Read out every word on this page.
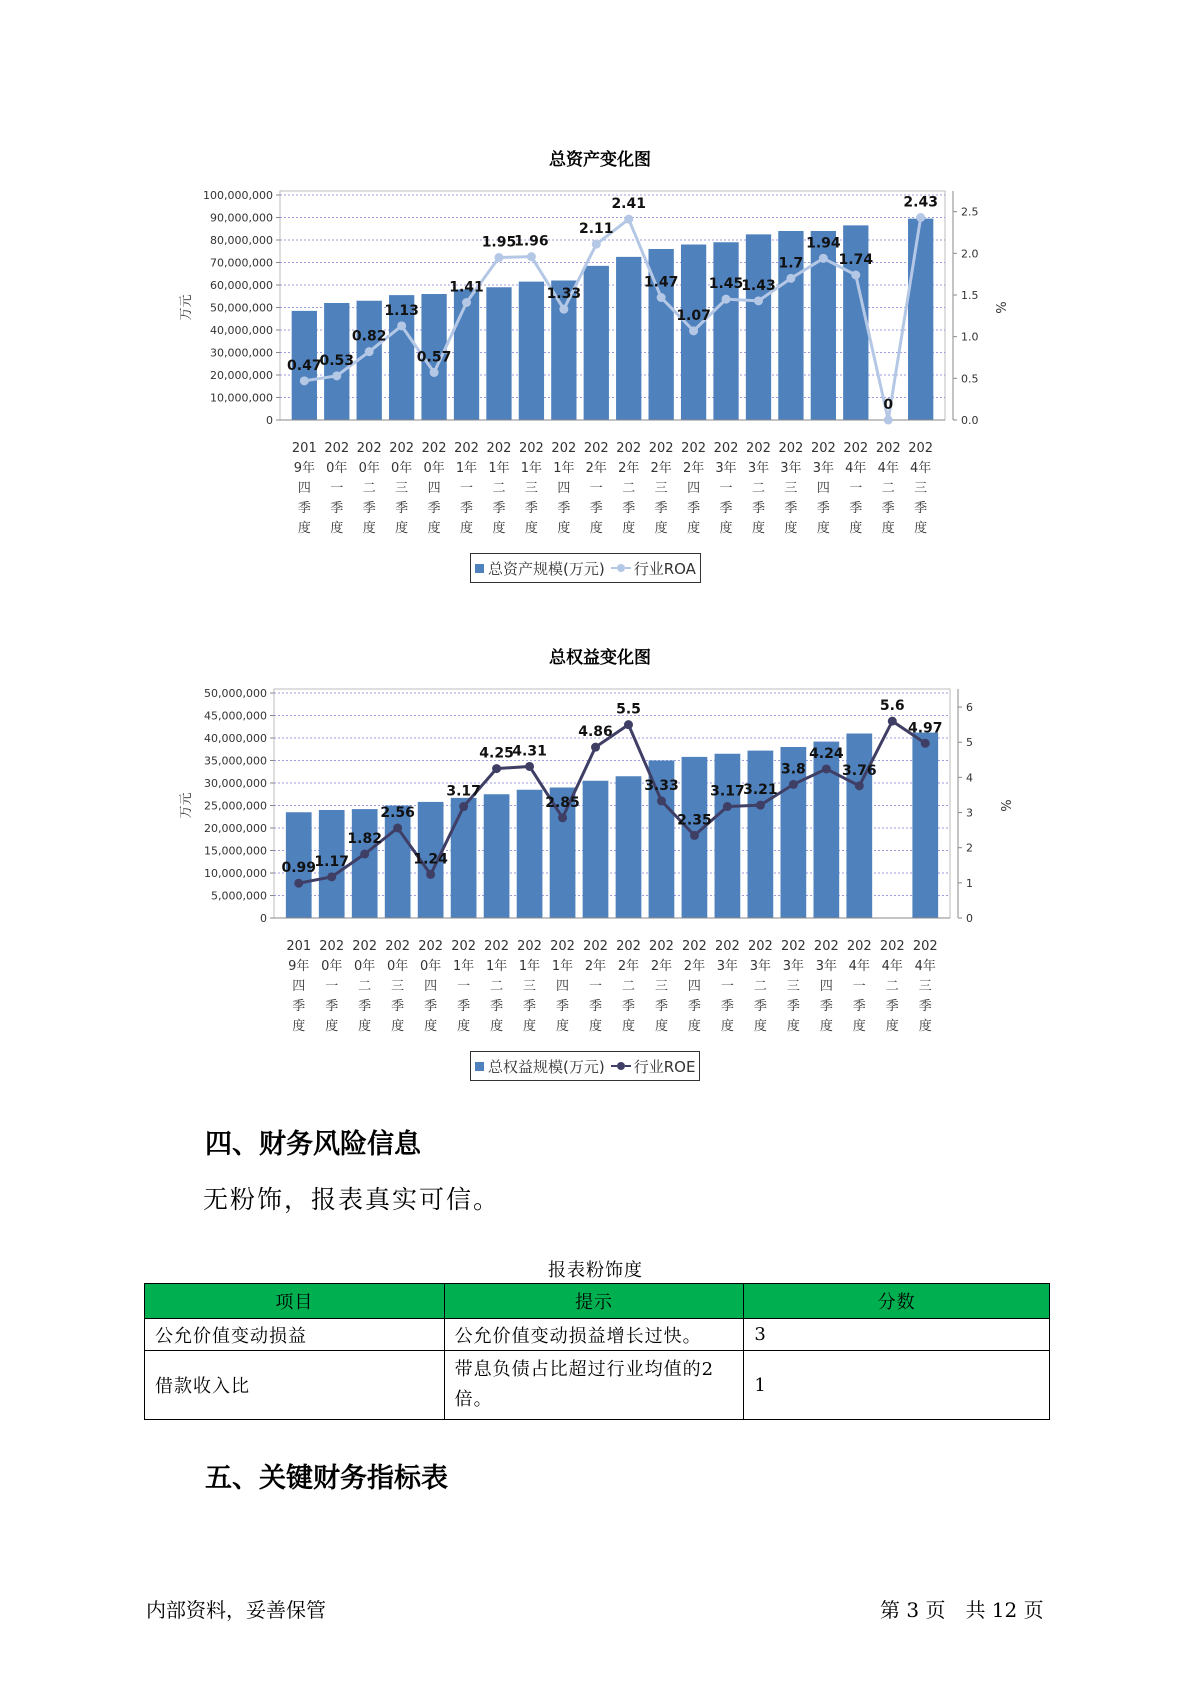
总资产变化图
0
10,000,000
20,000,000
30,000,000
40,000,000
50,000,000
60,000,000
70,000,000
80,000,000
90,000,000
100,000,000
0.0
0.5
1.0
1.5
2.0
2.5
万元	%
201
9年
四
季
度
202
0年
一
季
度
202
0年
二
季
度
202
0年
三
季
度
202
0年
四
季
度
202
1年
一
季
度
202
1年
二
季
度
202
1年
三
季
度
202
1年
四
季
度
202
2年
一
季
度
202
2年
二
季
度
202
2年
三
季
度
202
2年
四
季
度
202
3年
一
季
度
202
3年
二
季
度
202
3年
三
季
度
202
3年
四
季
度
202
4年
一
季
度
202
4年
二
季
度
202
4年
三
季
度
0.47
0.53
0.82
1.13
0.57
1.41
1.95
1.96
1.33
2.11
2.41
1.47
1.07
1.45
1.43
1.7
1.94
1.74
0
2.43
总资产规模(万元) 行业ROA
总权益变化图
0
5,000,000
10,000,000
15,000,000
20,000,000
25,000,000
30,000,000
35,000,000
40,000,000
45,000,000
50,000,000
0
1
2
3
4
5
6
万元	%
201
9年
四
季
度
202
0年
一
季
度
202
0年
二
季
度
202
0年
三
季
度
202
0年
四
季
度
202
1年
一
季
度
202
1年
二
季
度
202
1年
三
季
度
202
1年
四
季
度
202
2年
一
季
度
202
2年
二
季
度
202
2年
三
季
度
202
2年
四
季
度
202
3年
一
季
度
202
3年
二
季
度
202
3年
三
季
度
202
3年
四
季
度
202
4年
一
季
度
202
4年
二
季
度
202
4年
三
季
度
0.99
1.17
1.82
2.56
1.24
3.17
4.25
4.31
2.85
4.86
5.5
3.33
2.35
3.17
3.21
3.8
4.24
3.76
5.6
4.97
总权益规模(万元) 行业ROE
四、财务风险信息
无粉饰，报表真实可信。
报表粉饰度
项目	提示	分数
公允价值变动损益	公允价值变动损益增长过快。	3
借款收入比	带息负债占比超过行业均值的2倍。	1
五、关键财务指标表
内部资料，妥善保管	第 3 页　共 12 页
